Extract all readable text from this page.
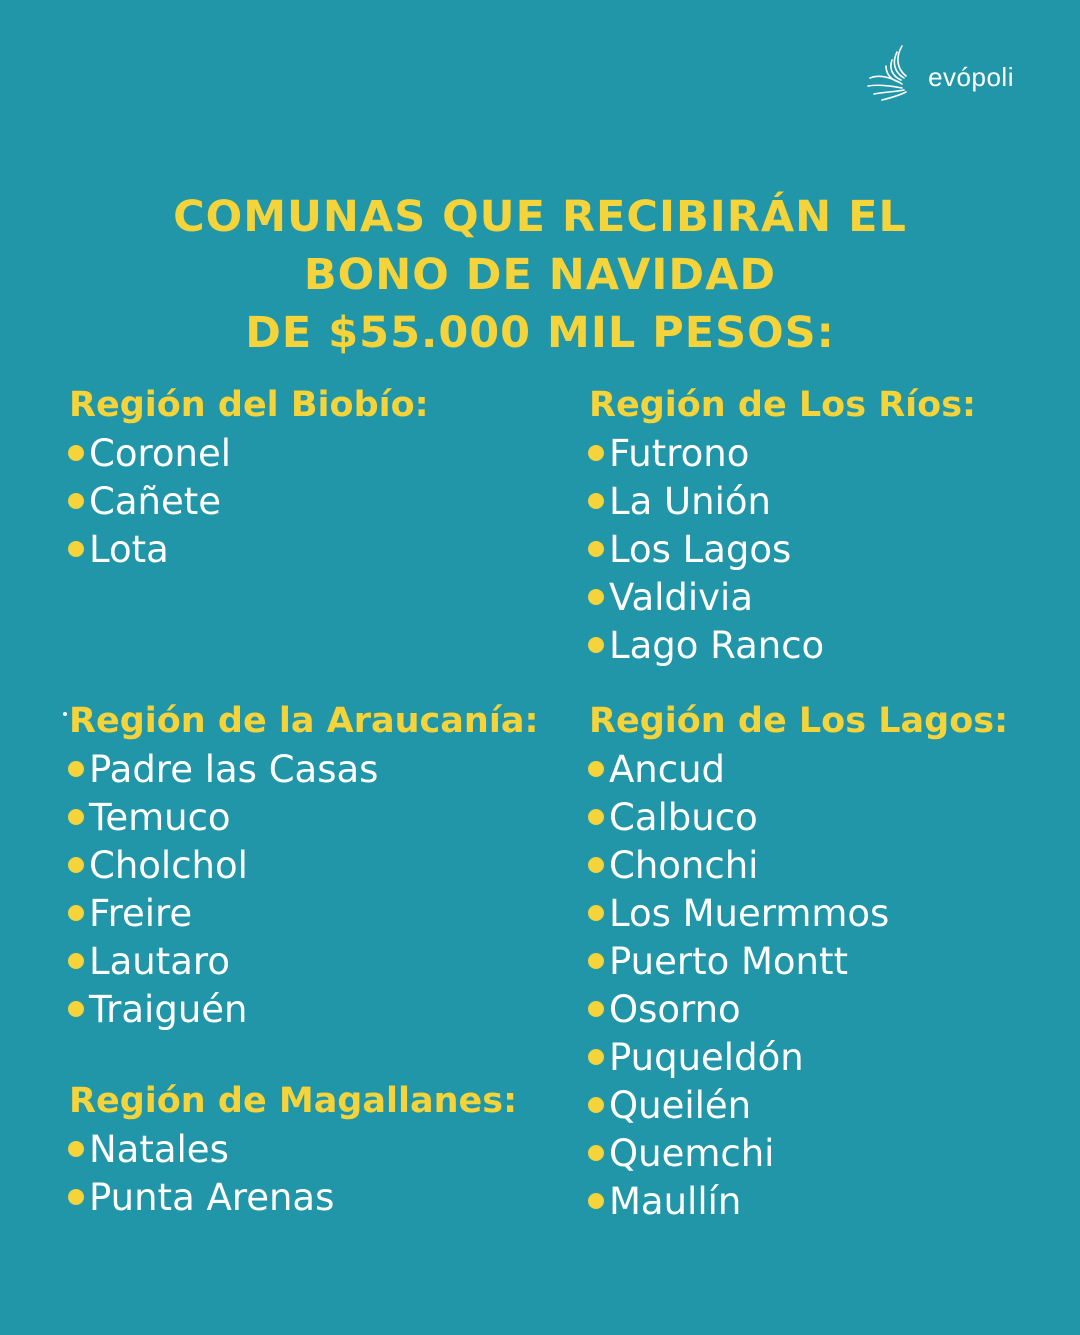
evópoli
COMUNAS QUE RECIBIRÁN EL
BONO DE NAVIDAD
DE $55.000 MIL PESOS:
Región del Biobío:
Coronel
Cañete
Lota
Región de la Araucanía:
Padre las Casas
Temuco
Cholchol
Freire
Lautaro
Traiguén
Región de Magallanes:
Natales
Punta Arenas
Región de Los Ríos:
Futrono
La Unión
Los Lagos
Valdivia
Lago Ranco
Región de Los Lagos:
Ancud
Calbuco
Chonchi
Los Muermmos
Puerto Montt
Osorno
Puqueldón
Queilén
Quemchi
Maullín
